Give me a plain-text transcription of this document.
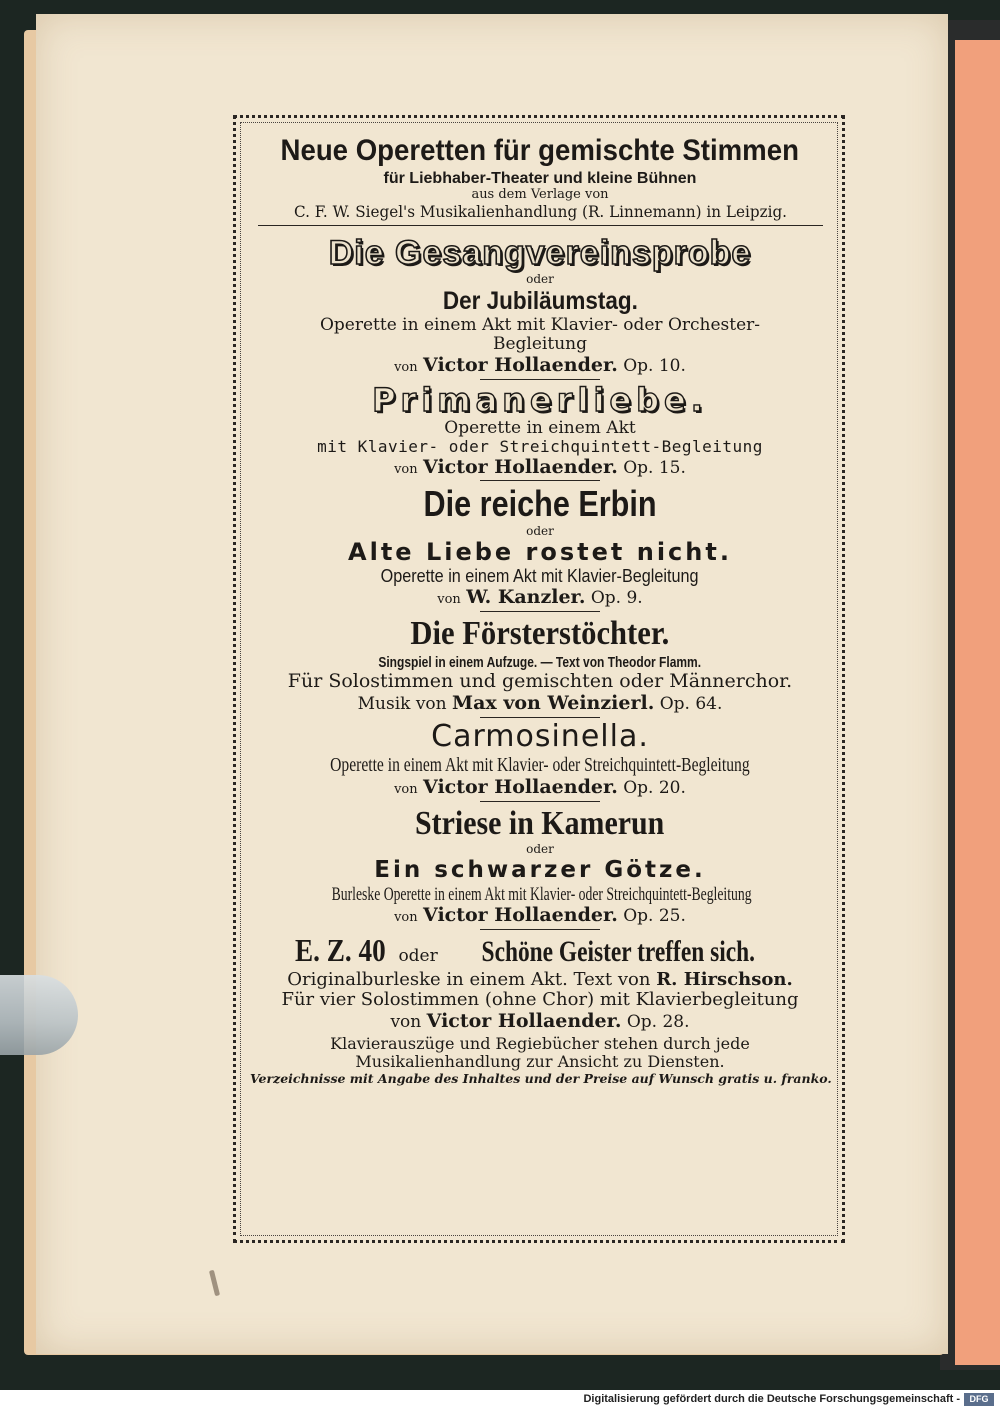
Neue Operetten für gemischte Stimmen
für Liebhaber-Theater und kleine Bühnen
aus dem Verlage von
C. F. W. Siegel's Musikalienhandlung (R. Linnemann) in Leipzig.
Die Gesangvereinsprobe
oder
Der Jubiläumstag.
Operette in einem Akt mit Klavier- oder Orchester-
Begleitung
von Victor Hollaender. Op. 10.
Primanerliebe.
Operette in einem Akt
mit Klavier- oder Streichquintett-Begleitung
von Victor Hollaender. Op. 15.
Die reiche Erbin
oder
Alte Liebe rostet nicht.
Operette in einem Akt mit Klavier-Begleitung
von W. Kanzler. Op. 9.
Die Försterstöchter.
Singspiel in einem Aufzuge. — Text von Theodor Flamm.
Für Solostimmen und gemischten oder Männerchor.
Musik von Max von Weinzierl. Op. 64.
Carmosinella.
Operette in einem Akt mit Klavier- oder Streichquintett-Begleitung
von Victor Hollaender. Op. 20.
Striese in Kamerun
oder
Ein schwarzer Götze.
Burleske Operette in einem Akt mit Klavier- oder Streichquintett-Begleitung
von Victor Hollaender. Op. 25.
E. Z. 40 oder Schöne Geister treffen sich.
Originalburleske in einem Akt. Text von R. Hirschson.
Für vier Solostimmen (ohne Chor) mit Klavierbegleitung
von Victor Hollaender. Op. 28.
Klavierauszüge und Regiebücher stehen durch jede
Musikalienhandlung zur Ansicht zu Diensten.
Verzeichnisse mit Angabe des Inhaltes und der Preise auf Wunsch gratis u. franko.
Digitalisierung gefördert durch die Deutsche Forschungsgemeinschaft -	DFG
